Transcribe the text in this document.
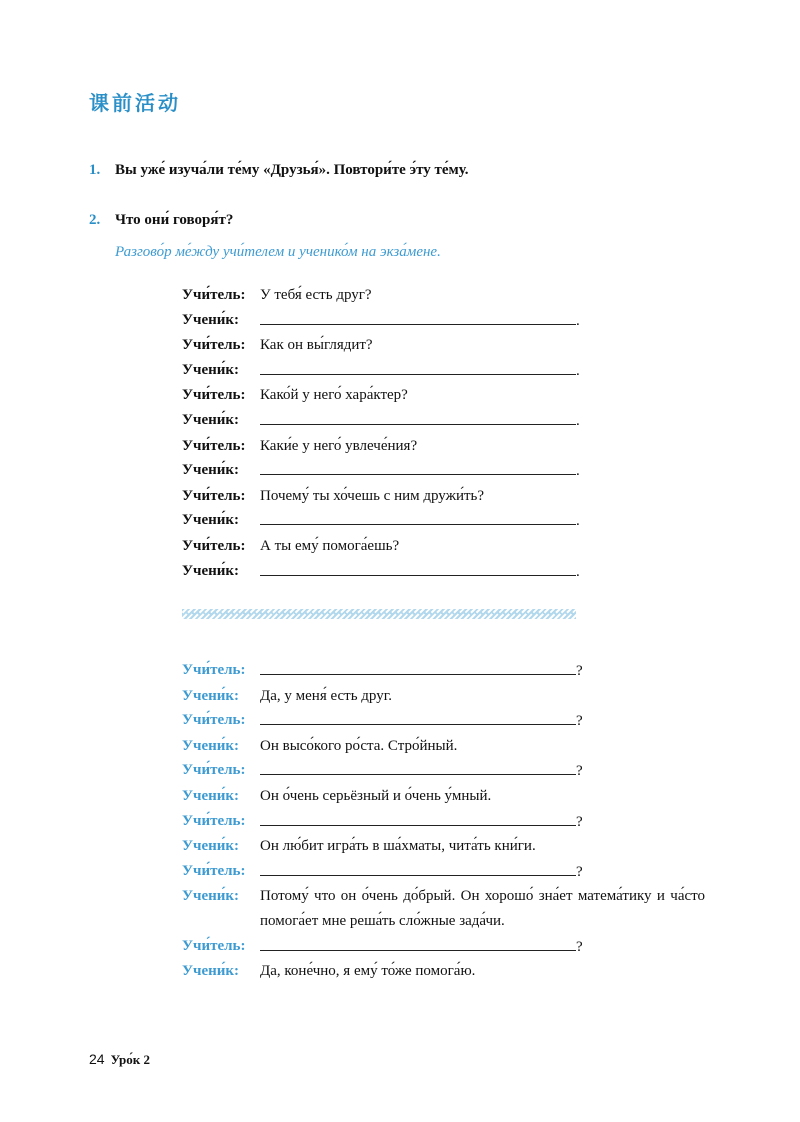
课前活动
1. Вы уже́ изуча́ли те́му «Друзья́». Повтори́те э́ту те́му.
2. Что они́ говоря́т?
Разгово́р ме́жду учи́телем и ученико́м на экза́мене.
Учи́тель: У тебя́ есть друг?
Учени́к:	.
Учи́тель: Как он вы́глядит?
Учени́к:	.
Учи́тель: Како́й у него́ хара́ктер?
Учени́к:	.
Учи́тель: Каки́е у него́ увлече́ния?
Учени́к:	.
Учи́тель: Почему́ ты хо́чешь с ним дружи́ть?
Учени́к:	.
Учи́тель: А ты ему́ помога́ешь?
Учени́к:	.
Учи́тель:	?
Учени́к:	Да, у меня́ есть друг.
Учи́тель:	?
Учени́к:	Он высо́кого ро́ста. Стро́йный.
Учи́тель:	?
Учени́к:	Он о́чень серьёзный и о́чень у́мный.
Учи́тель:	?
Учени́к:	Он лю́бит игра́ть в ша́хматы, чита́ть кни́ги.
Учи́тель:	?
Учени́к:	Потому́ что он о́чень до́брый. Он хорошо́ зна́ет матема́тику и ча́сто помога́ет мне реша́ть сло́жные зада́чи.
Учи́тель:	?
Учени́к:	Да, коне́чно, я ему́ то́же помога́ю.
24 Уро́к 2
